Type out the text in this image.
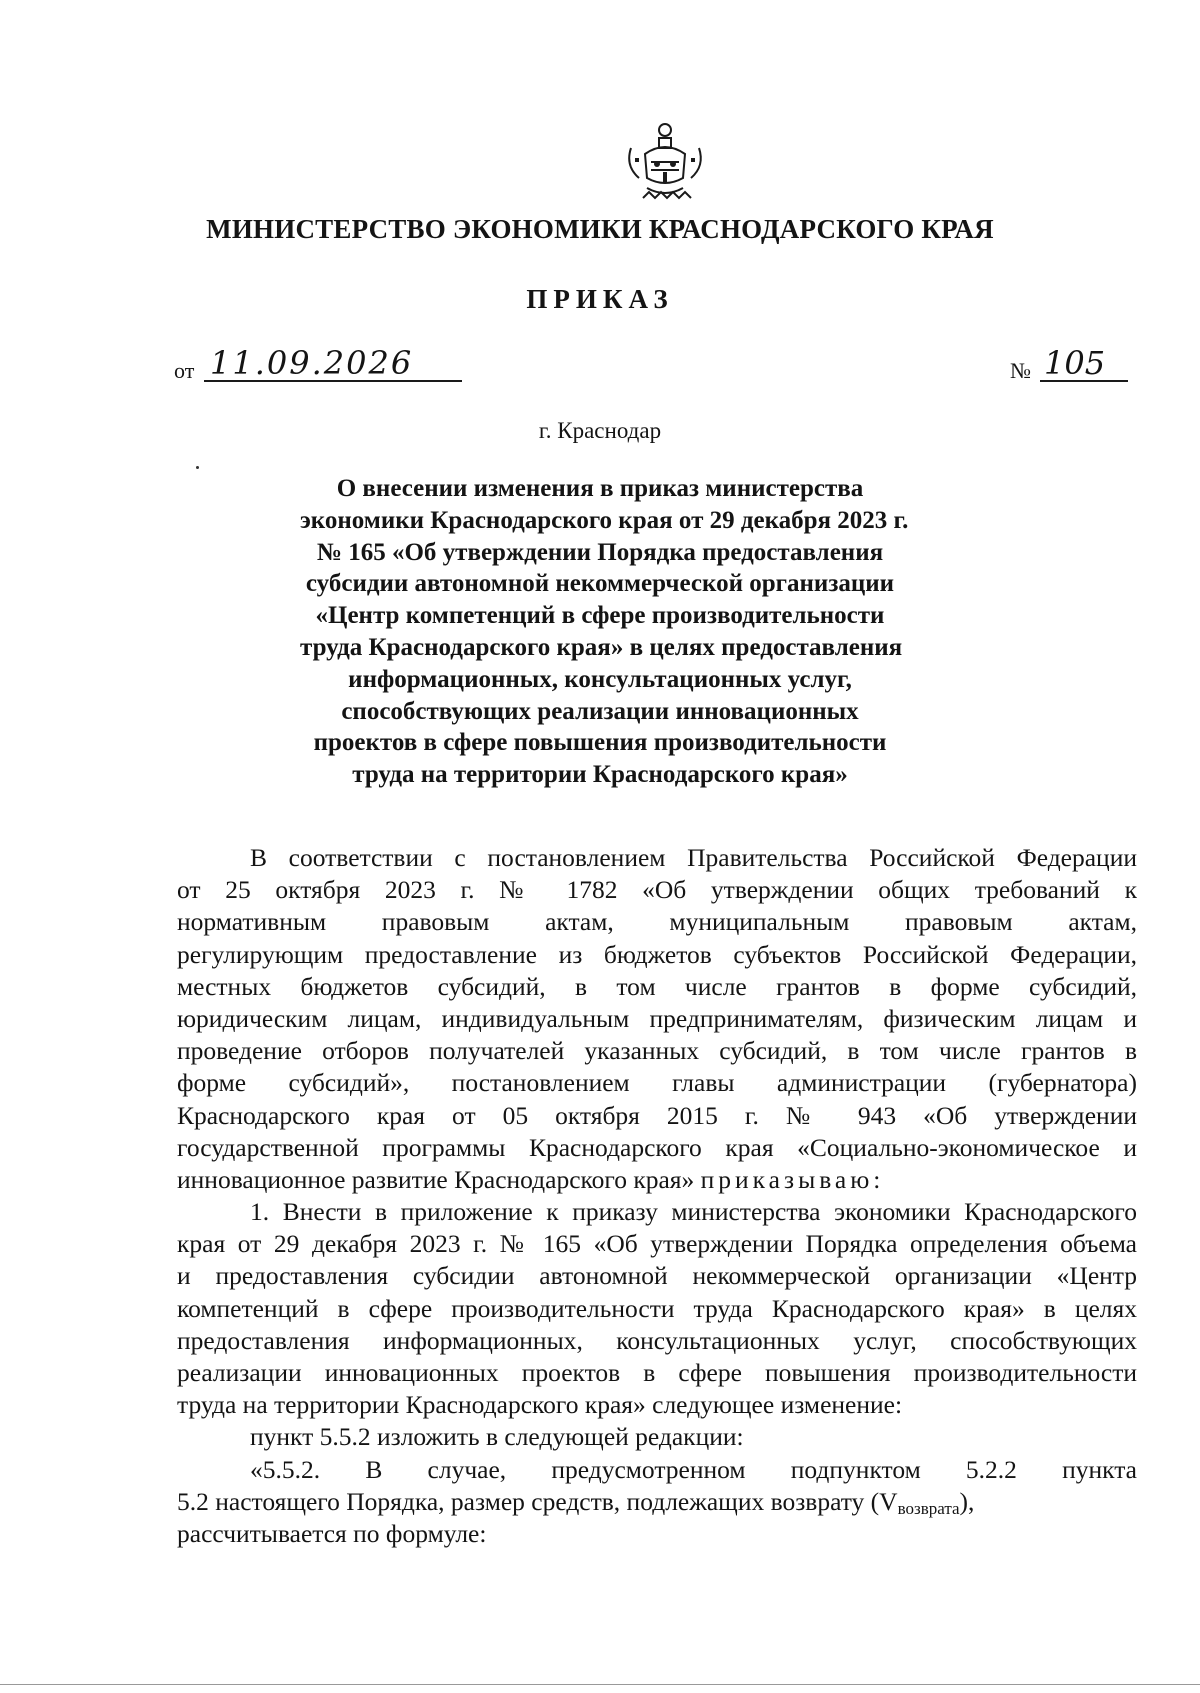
МИНИСТЕРСТВО ЭКОНОМИКИ КРАСНОДАРСКОГО КРАЯ
ПРИКАЗ
от 11.09.2026	№ 105
г. Краснодар
О внесении изменения в приказ министерства
экономики Краснодарского края от 29 декабря 2023 г.
№ 165 «Об утверждении Порядка предоставления
субсидии автономной некоммерческой организации
«Центр компетенций в сфере производительности
труда Краснодарского края» в целях предоставления
информационных, консультационных услуг,
способствующих реализации инновационных
проектов в сфере повышения производительности
труда на территории Краснодарского края»
В соответствии с постановлением Правительства Российской Федерации
от 25 октября 2023 г. № 1782 «Об утверждении общих требований к
нормативным правовым актам, муниципальным правовым актам,
регулирующим предоставление из бюджетов субъектов Российской Федерации,
местных бюджетов субсидий, в том числе грантов в форме субсидий,
юридическим лицам, индивидуальным предпринимателям, физическим лицам и
проведение отборов получателей указанных субсидий, в том числе грантов в
форме субсидий», постановлением главы администрации (губернатора)
Краснодарского края от 05 октября 2015 г. № 943 «Об утверждении
государственной программы Краснодарского края «Социально-экономическое и
инновационное развитие Краснодарского края» приказываю:
1. Внести в приложение к приказу министерства экономики Краснодарского
края от 29 декабря 2023 г. № 165 «Об утверждении Порядка определения объема
и предоставления субсидии автономной некоммерческой организации «Центр
компетенций в сфере производительности труда Краснодарского края» в целях
предоставления информационных, консультационных услуг, способствующих
реализации инновационных проектов в сфере повышения производительности
труда на территории Краснодарского края» следующее изменение:
пункт 5.5.2 изложить в следующей редакции:
«5.5.2. В случае, предусмотренном подпунктом 5.2.2 пункта
5.2 настоящего Порядка, размер средств, подлежащих возврату $(V_{возврата})$,
рассчитывается по формуле:
